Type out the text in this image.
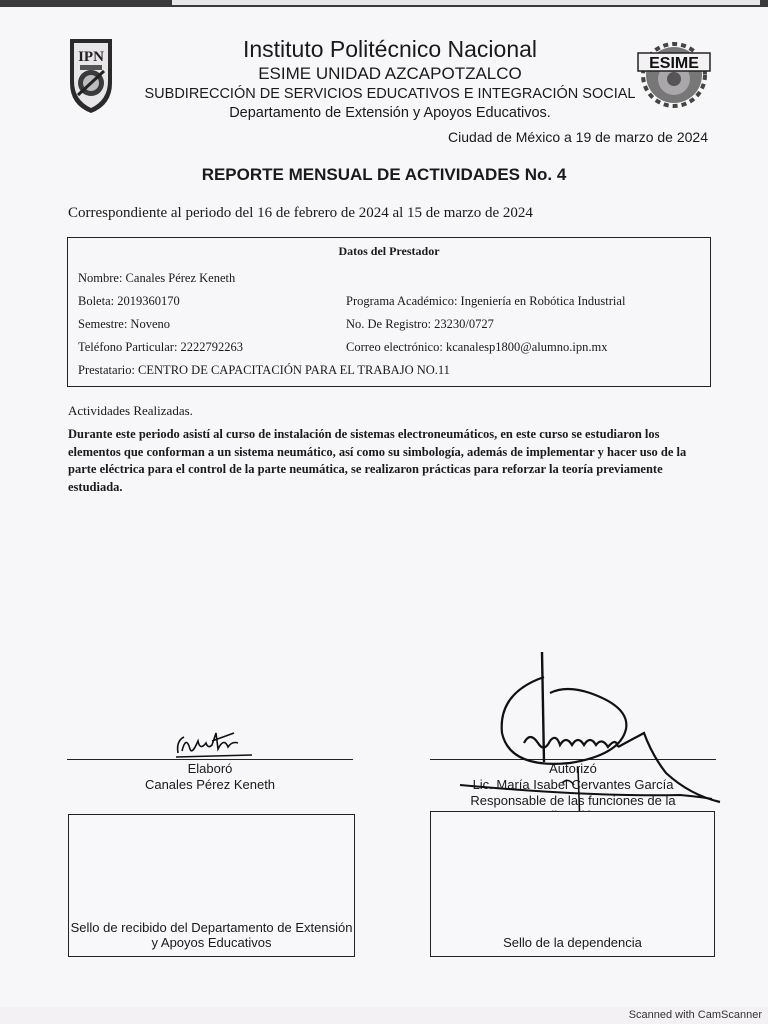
IPN	ESIME
Instituto Politécnico Nacional
ESIME UNIDAD AZCAPOTZALCO
SUBDIRECCIÓN DE SERVICIOS EDUCATIVOS E INTEGRACIÓN SOCIAL
Departamento de Extensión y Apoyos Educativos.
Ciudad de México a 19 de marzo de 2024
REPORTE MENSUAL DE ACTIVIDADES No. 4
Correspondiente al periodo del 16 de febrero de 2024 al 15 de marzo de 2024
Datos del Prestador
Nombre: Canales Pérez Keneth
Boleta: 2019360170	Programa Académico: Ingeniería en Robótica Industrial
Semestre: Noveno	No. De Registro: 23230/0727
Teléfono Particular: 2222792263	Correo electrónico: kcanalesp1800@alumno.ipn.mx
Prestatario: CENTRO DE CAPACITACIÓN PARA EL TRABAJO NO.11
Actividades Realizadas.
Durante este periodo asistí al curso de instalación de sistemas electroneumáticos, en este curso se estudiaron los elementos que conforman a un sistema neumático, así como su simbología, además de implementar y hacer uso de la parte eléctrica para el control de la parte neumática, se realizaron prácticas para reforzar la teoría previamente estudiada.
Elaboró
Canales Pérez Keneth
Autorizó
Lic. María Isabel Cervantes García
Responsable de las funciones de la
Sello de recibido del Departamento de Extensión y Apoyos Educativos	Sello de la dependencia
Scanned with CamScanner
